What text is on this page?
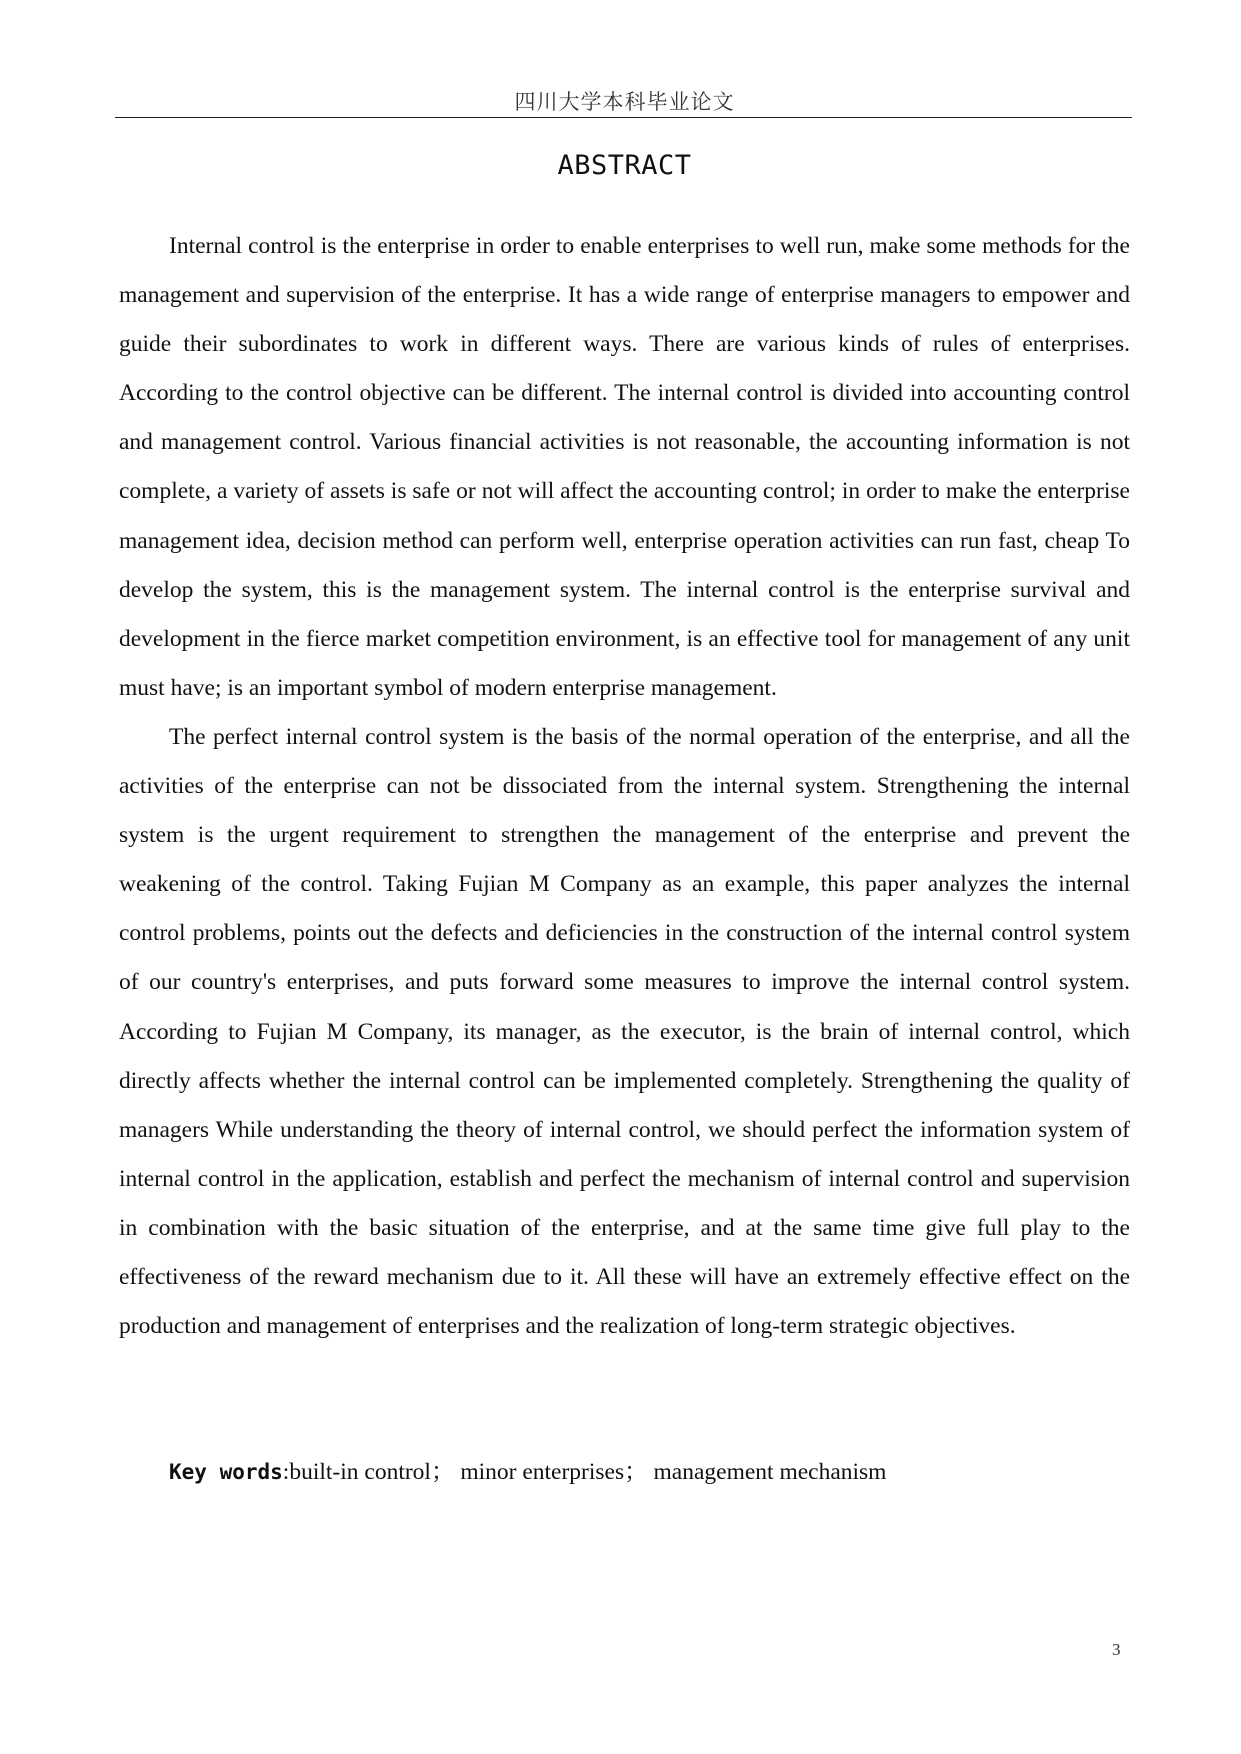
四川大学本科毕业论文
ABSTRACT

Internal control is the enterprise in order to enable enterprises to well run, make some methods for the management and supervision of the enterprise. It has a wide range of enterprise managers to empower and guide their subordinates to work in different ways. There are various kinds of rules of enterprises. According to the control objective can be different. The internal control is divided into accounting control and management control. Various financial activities is not reasonable, the accounting information is not complete, a variety of assets is safe or not will affect the accounting control; in order to make the enterprise management idea, decision method can perform well, enterprise operation activities can run fast, cheap To develop the system, this is the management system. The internal control is the enterprise survival and development in the fierce market competition environment, is an effective tool for management of any unit must have; is an important symbol of modern enterprise management.

The perfect internal control system is the basis of the normal operation of the enterprise, and all the activities of the enterprise can not be dissociated from the internal system. Strengthening the internal system is the urgent requirement to strengthen the management of the enterprise and prevent the weakening of the control. Taking Fujian M Company as an example, this paper analyzes the internal control problems, points out the defects and deficiencies in the construction of the internal control system of our country's enterprises, and puts forward some measures to improve the internal control system. According to Fujian M Company, its manager, as the executor, is the brain of internal control, which directly affects whether the internal control can be implemented completely. Strengthening the quality of managers While understanding the theory of internal control, we should perfect the information system of internal control in the application, establish and perfect the mechanism of internal control and supervision in combination with the basic situation of the enterprise, and at the same time give full play to the effectiveness of the reward mechanism due to it. All these will have an extremely effective effect on the production and management of enterprises and the realization of long-term strategic objectives.

Key words:built-in control； minor enterprises； management mechanism
3
